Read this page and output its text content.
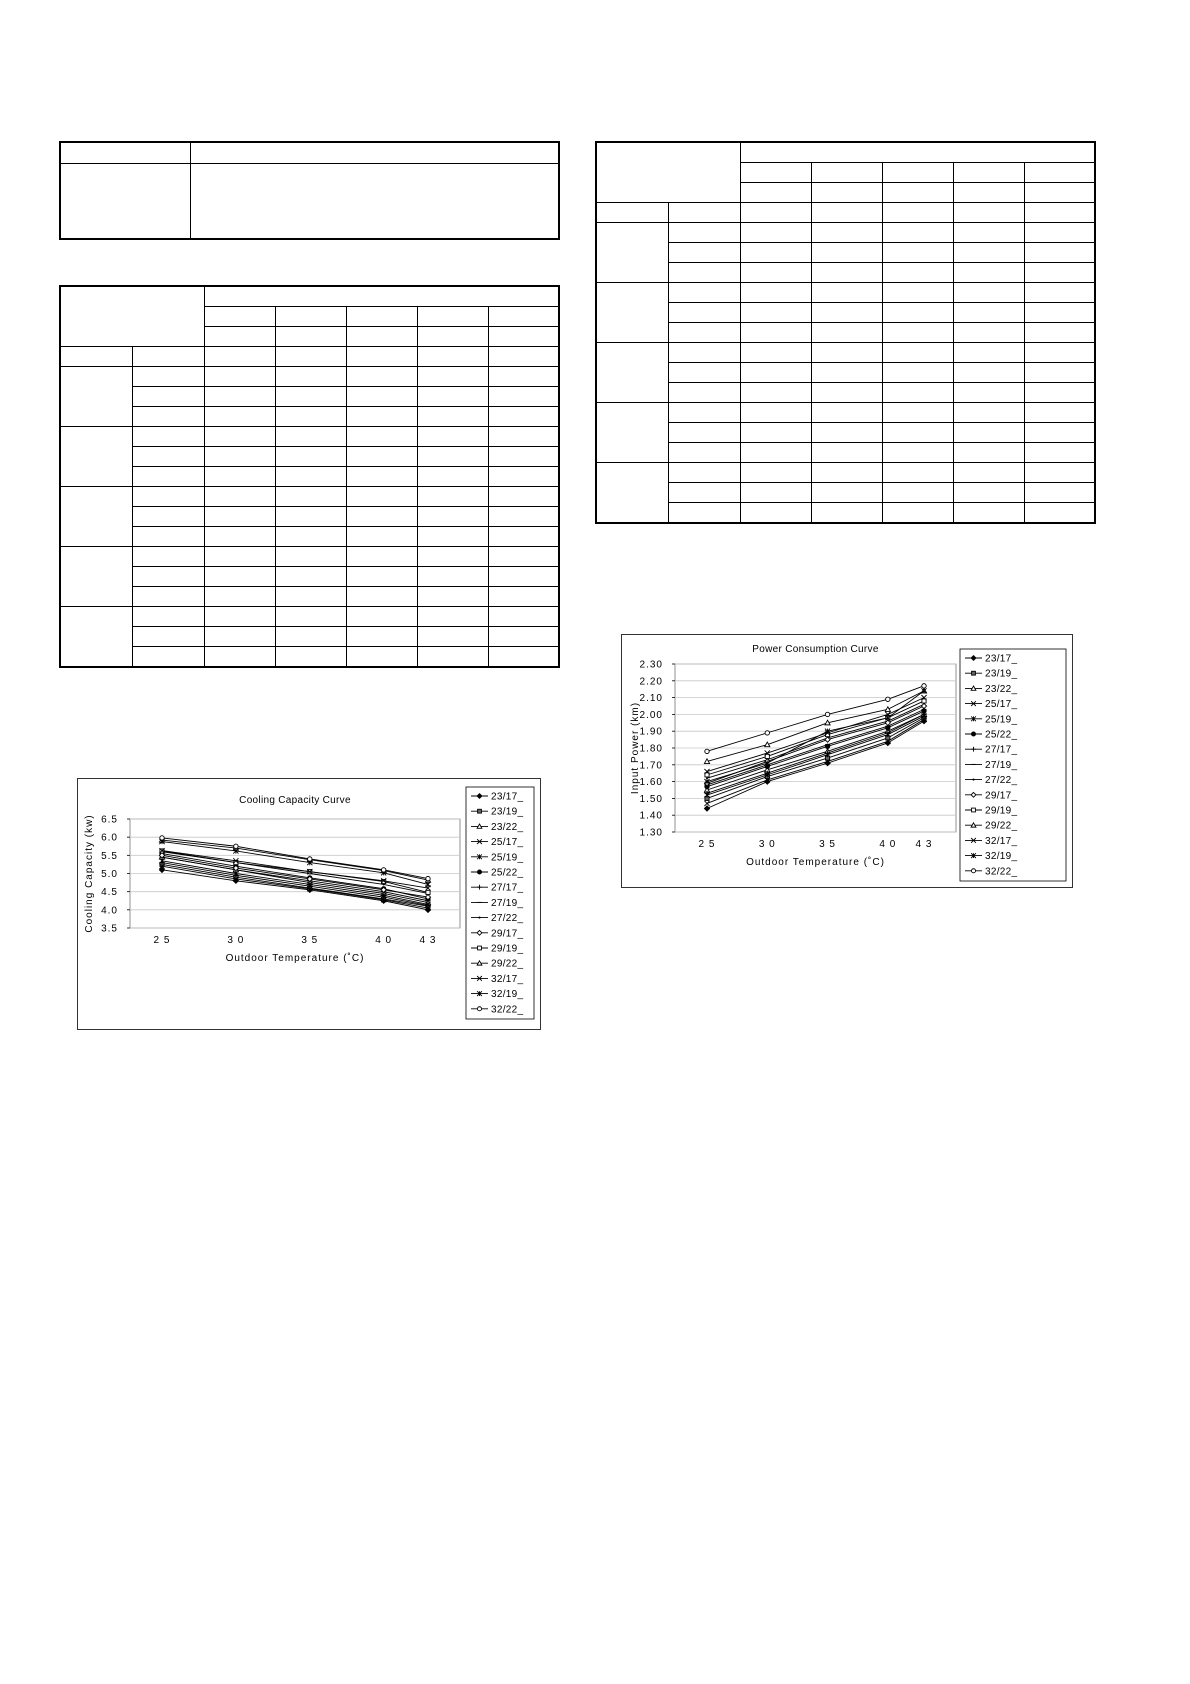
Cooling Capacity Curve
6.5
6.0
5.5
5.0
4.5
4.0
3.5
2 5	3 0	3 5	4 0	4 3
Outdoor Temperature (˚C)
Cooling Capacity (kw)
23/17_
23/19_
23/22_
25/17_
25/19_
25/22_
27/17_
27/19_
27/22_
29/17_
29/19_
29/22_
32/17_
32/19_
32/22_
Power Consumption Curve
2.30
2.20
2.10
2.00
1.90
1.80
1.70
1.60
1.50
1.40
1.30
2 5	3 0	3 5	4 0 4 3
Outdoor Temperature (˚C)
Input Power (km)
23/17_
23/19_
23/22_
25/17_
25/19_
25/22_
27/17_
27/19_
27/22_
29/17_
29/19_
29/22_
32/17_
32/19_
32/22_
